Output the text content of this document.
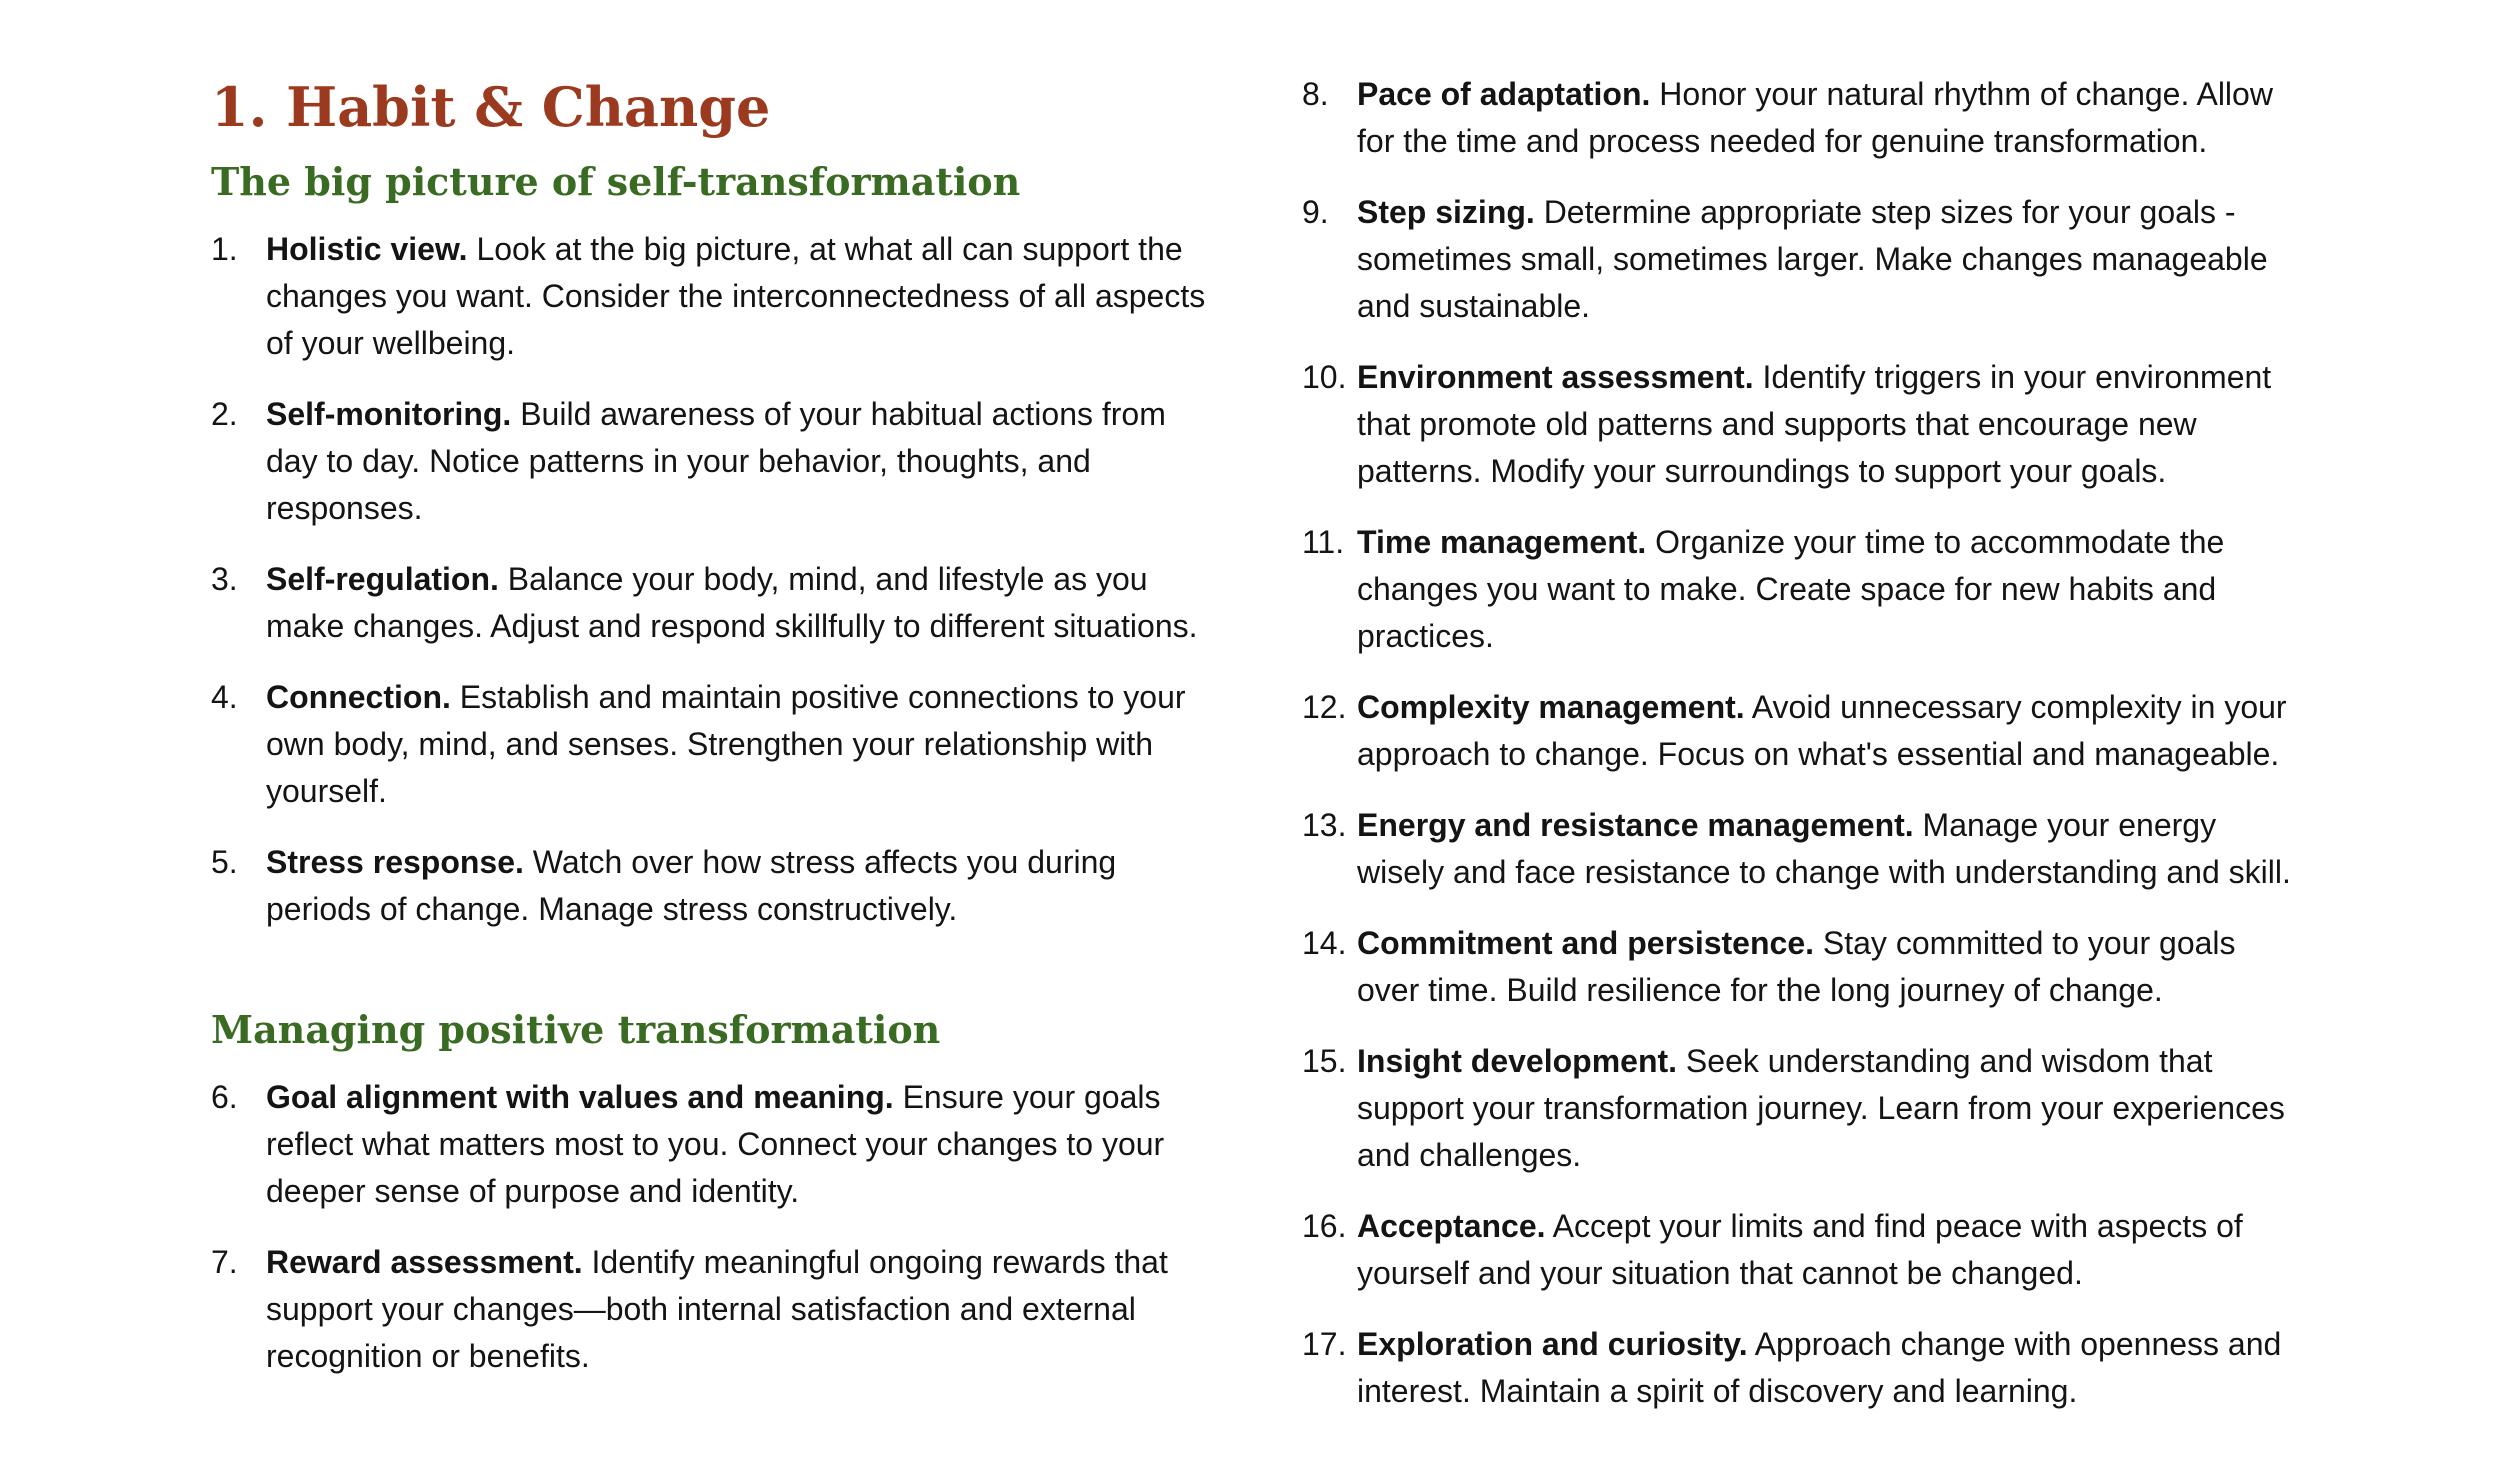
1. Habit & Change
The big picture of self-transformation
1. Holistic view. Look at the big picture, at what all can support the changes you want. Consider the interconnectedness of all aspects of your wellbeing.
2. Self-monitoring. Build awareness of your habitual actions from day to day. Notice patterns in your behavior, thoughts, and responses.
3. Self-regulation. Balance your body, mind, and lifestyle as you make changes. Adjust and respond skillfully to different situations.
4. Connection. Establish and maintain positive connections to your own body, mind, and senses. Strengthen your relationship with yourself.
5. Stress response. Watch over how stress affects you during periods of change. Manage stress constructively.
Managing positive transformation
6. Goal alignment with values and meaning. Ensure your goals reflect what matters most to you. Connect your changes to your deeper sense of purpose and identity.
7. Reward assessment. Identify meaningful ongoing rewards that support your changes—both internal satisfaction and external recognition or benefits.
8. Pace of adaptation. Honor your natural rhythm of change. Allow for the time and process needed for genuine transformation.
9. Step sizing. Determine appropriate step sizes for your goals - sometimes small, sometimes larger. Make changes manageable and sustainable.
10. Environment assessment. Identify triggers in your environment that promote old patterns and supports that encourage new patterns. Modify your surroundings to support your goals.
11. Time management. Organize your time to accommodate the changes you want to make. Create space for new habits and practices.
12. Complexity management. Avoid unnecessary complexity in your approach to change. Focus on what's essential and manageable.
13. Energy and resistance management. Manage your energy wisely and face resistance to change with understanding and skill.
14. Commitment and persistence. Stay committed to your goals over time. Build resilience for the long journey of change.
15. Insight development. Seek understanding and wisdom that support your transformation journey. Learn from your experiences and challenges.
16. Acceptance. Accept your limits and find peace with aspects of yourself and your situation that cannot be changed.
17. Exploration and curiosity. Approach change with openness and interest. Maintain a spirit of discovery and learning.
